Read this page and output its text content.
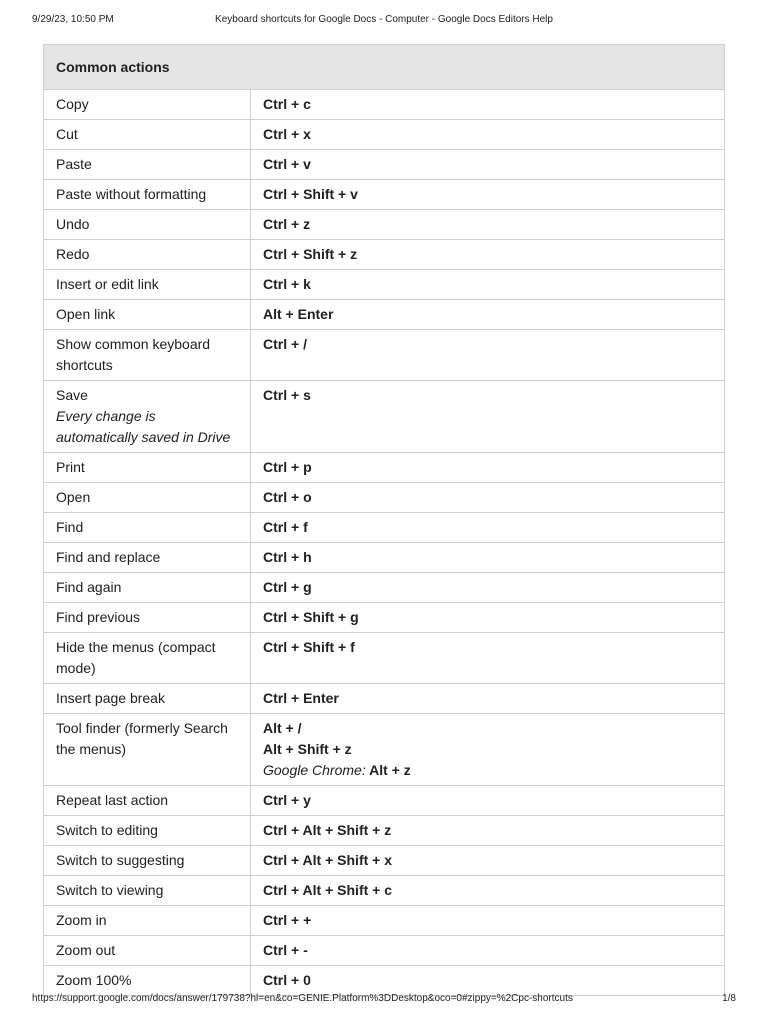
9/29/23, 10:50 PM	Keyboard shortcuts for Google Docs - Computer - Google Docs Editors Help
Common actions	
Copy	Ctrl + c

Cut	Ctrl + x

Paste	Ctrl + v

Paste without formatting	Ctrl + Shift + v

Undo	Ctrl + z

Redo	Ctrl + Shift + z

Insert or edit link	Ctrl + k

Open link	Alt + Enter

Show common keyboard shortcuts	Ctrl + /

Save
Every change is automatically saved in Drive	Ctrl + s

Print	Ctrl + p

Open	Ctrl + o

Find	Ctrl + f

Find and replace	Ctrl + h

Find again	Ctrl + g

Find previous	Ctrl + Shift + g

Hide the menus (compact mode)	Ctrl + Shift + f

Insert page break	Ctrl + Enter

Tool finder (formerly Search the menus)	Alt + /
Alt + Shift + z
Google Chrome: Alt + z

Repeat last action	Ctrl + y

Switch to editing	Ctrl + Alt + Shift + z

Switch to suggesting	Ctrl + Alt + Shift + x

Switch to viewing	Ctrl + Alt + Shift + c

Zoom in	Ctrl + +

Zoom out	Ctrl + -

Zoom 100%	Ctrl + 0
https://support.google.com/docs/answer/179738?hl=en&co=GENIE.Platform%3DDesktop&oco=0#zippy=%2Cpc-shortcuts	1/8
